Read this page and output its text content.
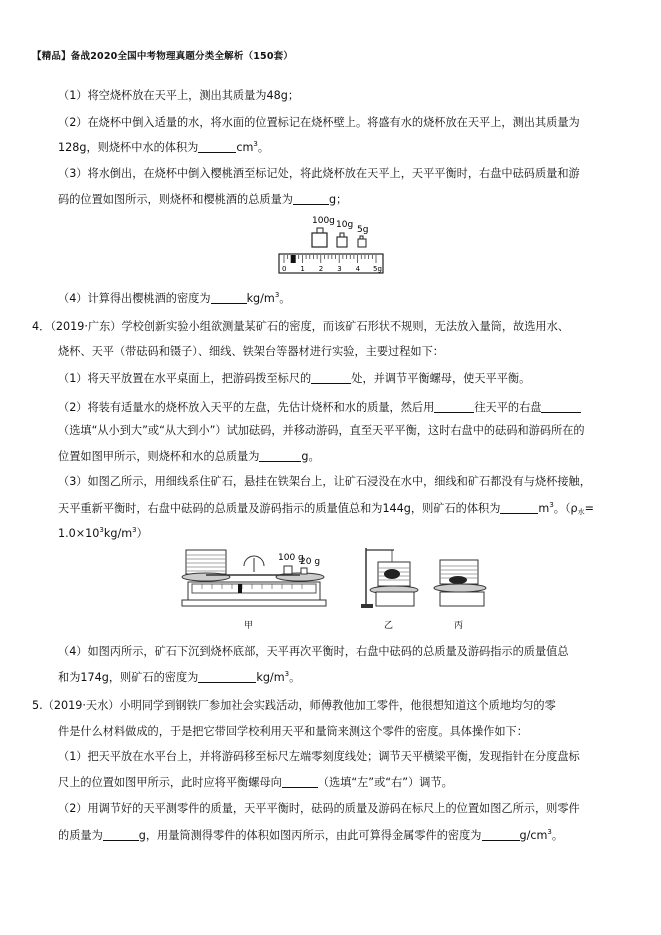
【精品】备战2020全国中考物理真题分类全解析（150套）
（1）将空烧杯放在天平上，测出其质量为48g；
（2）在烧杯中倒入适量的水，将水面的位置标记在烧杯壁上。将盛有水的烧杯放在天平上，测出其质量为
128g，则烧杯中水的体积为	$cm^3$。
（3）将水倒出，在烧杯中倒入樱桃酒至标记处，将此烧杯放在天平上，天平平衡时，右盘中砝码质量和游
码的位置如图所示，则烧杯和樱桃酒的总质量为	g；
100g 10g 5g
0 1 2 3 4 5g
（4）计算得出樱桃酒的密度为	$kg/m^3$。
4．（2019·广东）学校创新实验小组欲测量某矿石的密度，而该矿石形状不规则，无法放入量筒，故选用水、
烧杯、天平（带砝码和镊子）、细线、铁架台等器材进行实验，主要过程如下：
（1）将天平放置在水平桌面上，把游码拨至标尺的	处，并调节平衡螺母，使天平平衡。
（2）将装有适量水的烧杯放入天平的左盘，先估计烧杯和水的质量，然后用	往天平的右盘
（选填“从小到大”或“从大到小”）试加砝码，并移动游码，直至天平平衡，这时右盘中的砝码和游码所在的
位置如图甲所示，则烧杯和水的总质量为	g。
（3）如图乙所示，用细线系住矿石，悬挂在铁架台上，让矿石浸没在水中，细线和矿石都没有与烧杯接触，
天平重新平衡时，右盘中砝码的总质量及游码指示的质量值总和为144g，则矿石的体积为	$m^3$。（$\rho_水=$
$1.0\times 10^3kg/m^3$）
100 g
20 g
甲	乙	丙
（4）如图丙所示，矿石下沉到烧杯底部，天平再次平衡时，右盘中砝码的总质量及游码指示的质量值总
和为174g，则矿石的密度为	$kg/m^3$。
5.（2019·天水）小明同学到钢铁厂参加社会实践活动，师傅教他加工零件，他很想知道这个质地均匀的零
件是什么材料做成的，于是把它带回学校利用天平和量筒来测这个零件的密度。具体操作如下：
（1）把天平放在水平台上，并将游码移至标尺左端零刻度线处；调节天平横梁平衡，发现指针在分度盘标
尺上的位置如图甲所示，此时应将平衡螺母向	（选填“左”或“右”）调节。
（2）用调节好的天平测零件的质量，天平平衡时，砝码的质量及游码在标尺上的位置如图乙所示，则零件
的质量为	g，用量筒测得零件的体积如图丙所示，由此可算得金属零件的密度为	$g/cm^3$。
